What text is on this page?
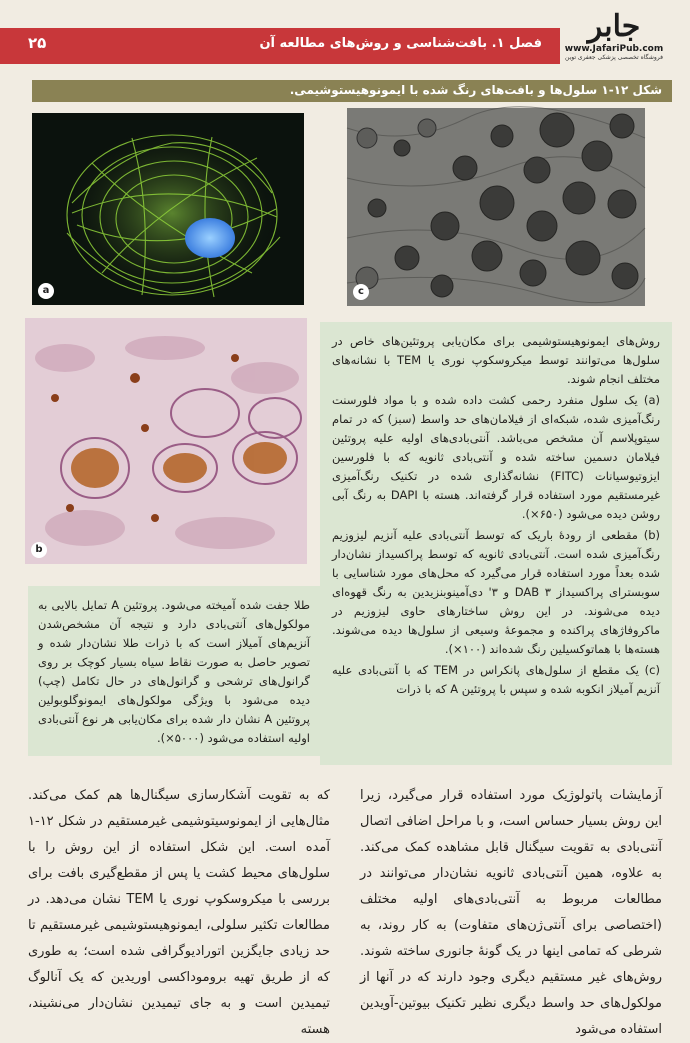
۲۵	فصل ۱. بافت‌شناسی و روش‌های مطالعه آن	جابر
www.JafariPub.com
فروشگاه تخصصی پزشکی جعفری توین
شکل ۱۲-۱ سلول‌ها و بافت‌های رنگ شده با ایمونوهیستوشیمی.
a	c
b

روش‌های ایمونوهیستوشیمی برای مکان‌یابی پروتئین‌های خاص در سلول‌ها می‌توانند توسط میکروسکوپ نوری یا TEM با نشانه‌های مختلف انجام شوند.

(a) یک سلول منفرد رحمی کشت داده شده و با مواد فلورسنت رنگ‌آمیزی شده، شبکه‌ای از فیلامان‌های حد واسط (سبز) که در تمام سیتوپلاسم آن مشخص می‌باشد. آنتی‌بادی‌های اولیه علیه پروتئین فیلامان دسمین ساخته شده و آنتی‌بادی ثانویه که با فلورسین ایزوتیوسیانات (FITC) نشانه‌گذاری شده در تکنیک رنگ‌آمیزی غیرمستقیم مورد استفاده قرار گرفته‌اند. هسته با DAPI به رنگ آبی روشن دیده می‌شود (۶۵۰×).

(b) مقطعی از رودهٔ باریک که توسط آنتی‌بادی علیه آنزیم لیزوزیم رنگ‌آمیزی شده است. آنتی‌بادی ثانویه که توسط پراکسیداز نشان‌دار شده بعداً مورد استفاده قرار می‌گیرد که محل‌های مورد شناسایی با سوبسترای پراکسیداز DAB ۳ و ۳' دی‌آمینوبنزیدین به رنگ قهوه‌ای دیده می‌شوند. در این روش ساختارهای حاوی لیزوزیم در ماکروفاژهای پراکنده و مجموعهٔ وسیعی از سلول‌ها دیده می‌شوند. هسته‌ها با هماتوکسیلین رنگ شده‌اند (۱۰۰×).

(c) یک مقطع از سلول‌های پانکراس در TEM که با آنتی‌بادی علیه آنزیم آمیلاز انکوبه شده و سپس با پروتئین A که با ذرات

طلا جفت شده آمیخته می‌شود. پروتئین A تمایل بالایی به مولکول‌های آنتی‌بادی دارد و نتیجه آن مشخص‌شدن آنزیم‌های آمیلاز است که با ذرات طلا نشان‌دار شده و تصویر حاصل به صورت نقاط سیاه بسیار کوچک بر روی گرانول‌های ترشحی و گرانول‌های در حال تکامل (چپ) دیده می‌شود با ویژگی مولکول‌های ایمونوگلوبولین پروتئین A نشان دار شده برای مکان‌یابی هر نوع آنتی‌بادی اولیه استفاده می‌شود (۵۰۰۰×).

آزمایشات پاتولوژیک مورد استفاده قرار می‌گیرد، زیرا این روش بسیار حساس است، و با مراحل اضافی اتصال آنتی‌بادی به تقویت سیگنال قابل مشاهده کمک می‌کند. به علاوه، همین آنتی‌بادی ثانویه نشان‌دار می‌توانند در مطالعات مربوط به آنتی‌بادی‌های اولیه مختلف (اختصاصی برای آنتی‌ژن‌های متفاوت) به کار روند، به شرطی که تمامی اینها در یک گونهٔ جانوری ساخته شوند. روش‌های غیر مستقیم دیگری وجود دارند که در آنها از مولکول‌های حد واسط دیگری نظیر تکنیک بیوتین-آویدین استفاده می‌شود
که به تقویت آشکارسازی سیگنال‌ها هم کمک می‌کند. مثال‌هایی از ایمونوسیتوشیمی غیرمستقیم در شکل ۱۲-۱ آمده است. این شکل استفاده از این روش را با سلول‌های محیط کشت یا پس از مقطع‌گیری بافت برای بررسی با میکروسکوپ نوری یا TEM نشان می‌دهد. در مطالعات تکثیر سلولی، ایمونوهیستوشیمی غیرمستقیم تا حد زیادی جایگزین اتورادیوگرافی شده است؛ به طوری که از طریق تهیه بروموداکسی اوریدین که یک آنالوگ تیمیدین است و به جای تیمیدین نشان‌دار می‌نشیند، هسته
